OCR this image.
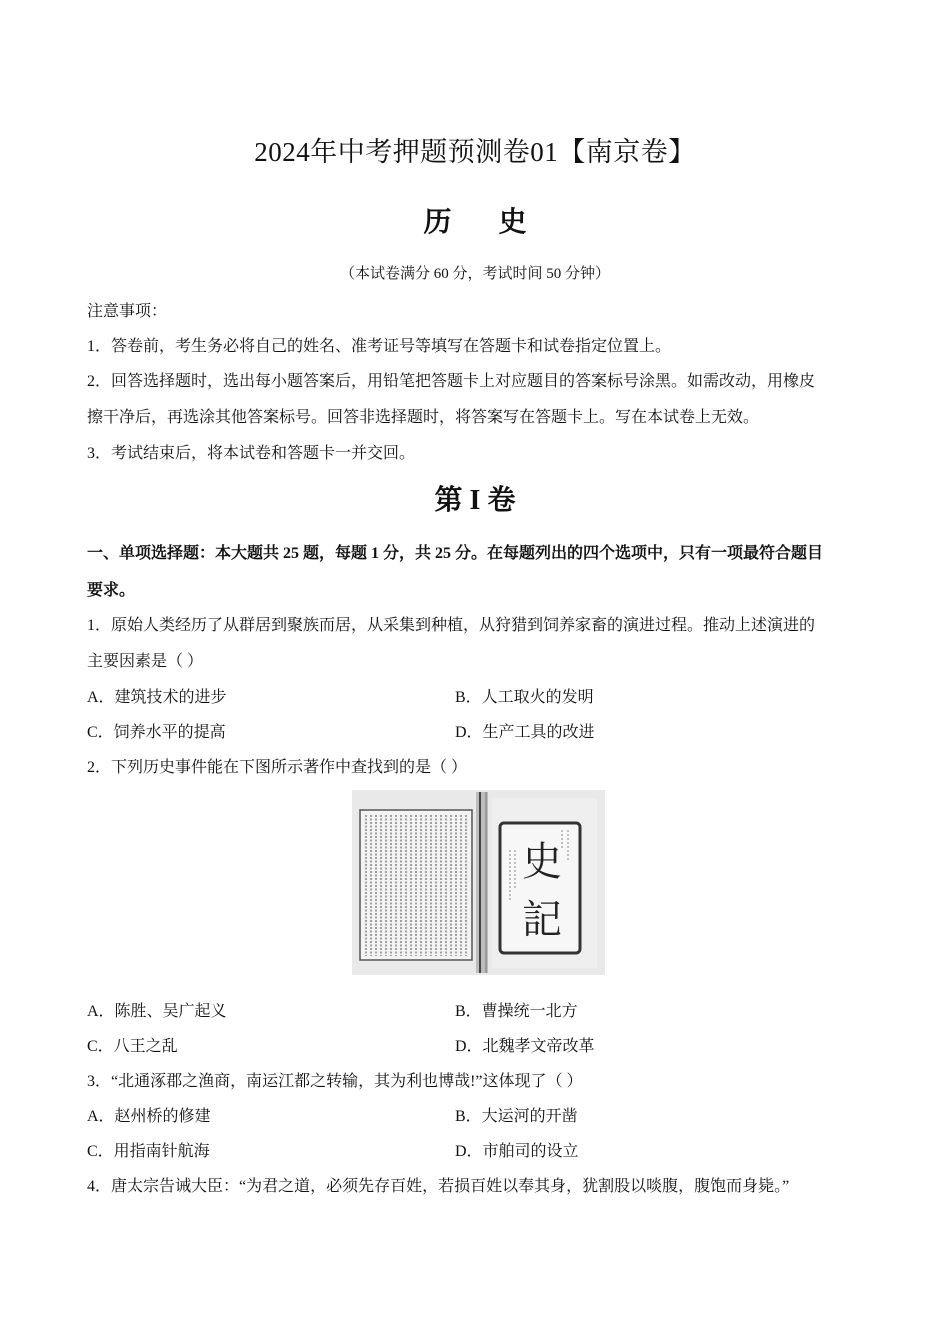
2024年中考押题预测卷01【南京卷】
历 史
（本试卷满分 60 分，考试时间 50 分钟）
注意事项：
1．答卷前，考生务必将自己的姓名、准考证号等填写在答题卡和试卷指定位置上。
2．回答选择题时，选出每小题答案后，用铅笔把答题卡上对应题目的答案标号涂黑。如需改动，用橡皮
擦干净后，再选涂其他答案标号。回答非选择题时，将答案写在答题卡上。写在本试卷上无效。
3．考试结束后，将本试卷和答题卡一并交回。
第 I 卷
一、单项选择题：本大题共 25 题，每题 1 分，共 25 分。在每题列出的四个选项中，只有一项最符合题目
要求。
1．原始人类经历了从群居到聚族而居，从采集到种植，从狩猎到饲养家畜的演进过程。推动上述演进的
主要因素是（ ）
A．建筑技术的进步	B．人工取火的发明
C．饲养水平的提高	D．生产工具的改进
2．下列历史事件能在下图所示著作中查找到的是（ ）
史
記
A．陈胜、吴广起义	B．曹操统一北方
C．八王之乱	D．北魏孝文帝改革
3．“北通涿郡之渔商，南运江都之转输，其为利也博哉!”这体现了（ ）
A．赵州桥的修建	B．大运河的开凿
C．用指南针航海	D．市舶司的设立
4．唐太宗告诫大臣：“为君之道，必须先存百姓，若损百姓以奉其身，犹割股以啖腹，腹饱而身毙。”
